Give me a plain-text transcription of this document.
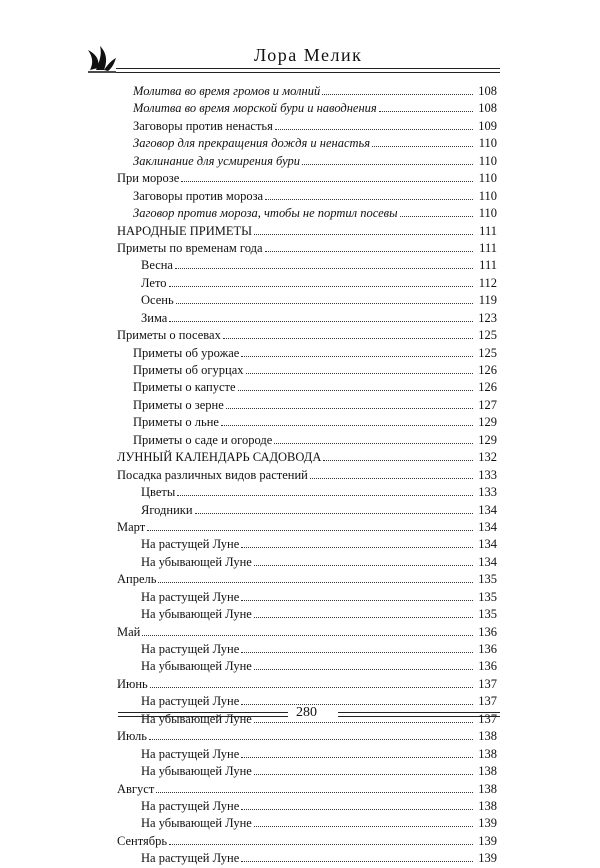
Лора Мелик
Молитва во время громов и молний	108
Молитва во время морской бури и наводнения	108
Заговоры против ненастья	109
Заговор для прекращения дождя и ненастья	110
Заклинание для усмирения бури	110
При морозе	110
Заговоры против мороза	110
Заговор против мороза, чтобы не портил посевы	110
НАРОДНЫЕ ПРИМЕТЫ	111
Приметы по временам года	111
Весна	111
Лето	112
Осень	119
Зима	123
Приметы о посевах	125
Приметы об урожае	125
Приметы об огурцах	126
Приметы о капусте	126
Приметы о зерне	127
Приметы о льне	129
Приметы о саде и огороде	129
ЛУННЫЙ КАЛЕНДАРЬ САДОВОДА	132
Посадка различных видов растений	133
Цветы	133
Ягодники	134
Март	134
На растущей Луне	134
На убывающей Луне	134
Апрель	135
На растущей Луне	135
На убывающей Луне	135
Май	136
На растущей Луне	136
На убывающей Луне	136
Июнь	137
На растущей Луне	137
На убывающей Луне	137
Июль	138
На растущей Луне	138
На убывающей Луне	138
Август	138
На растущей Луне	138
На убывающей Луне	139
Сентябрь	139
На растущей Луне	139
280
